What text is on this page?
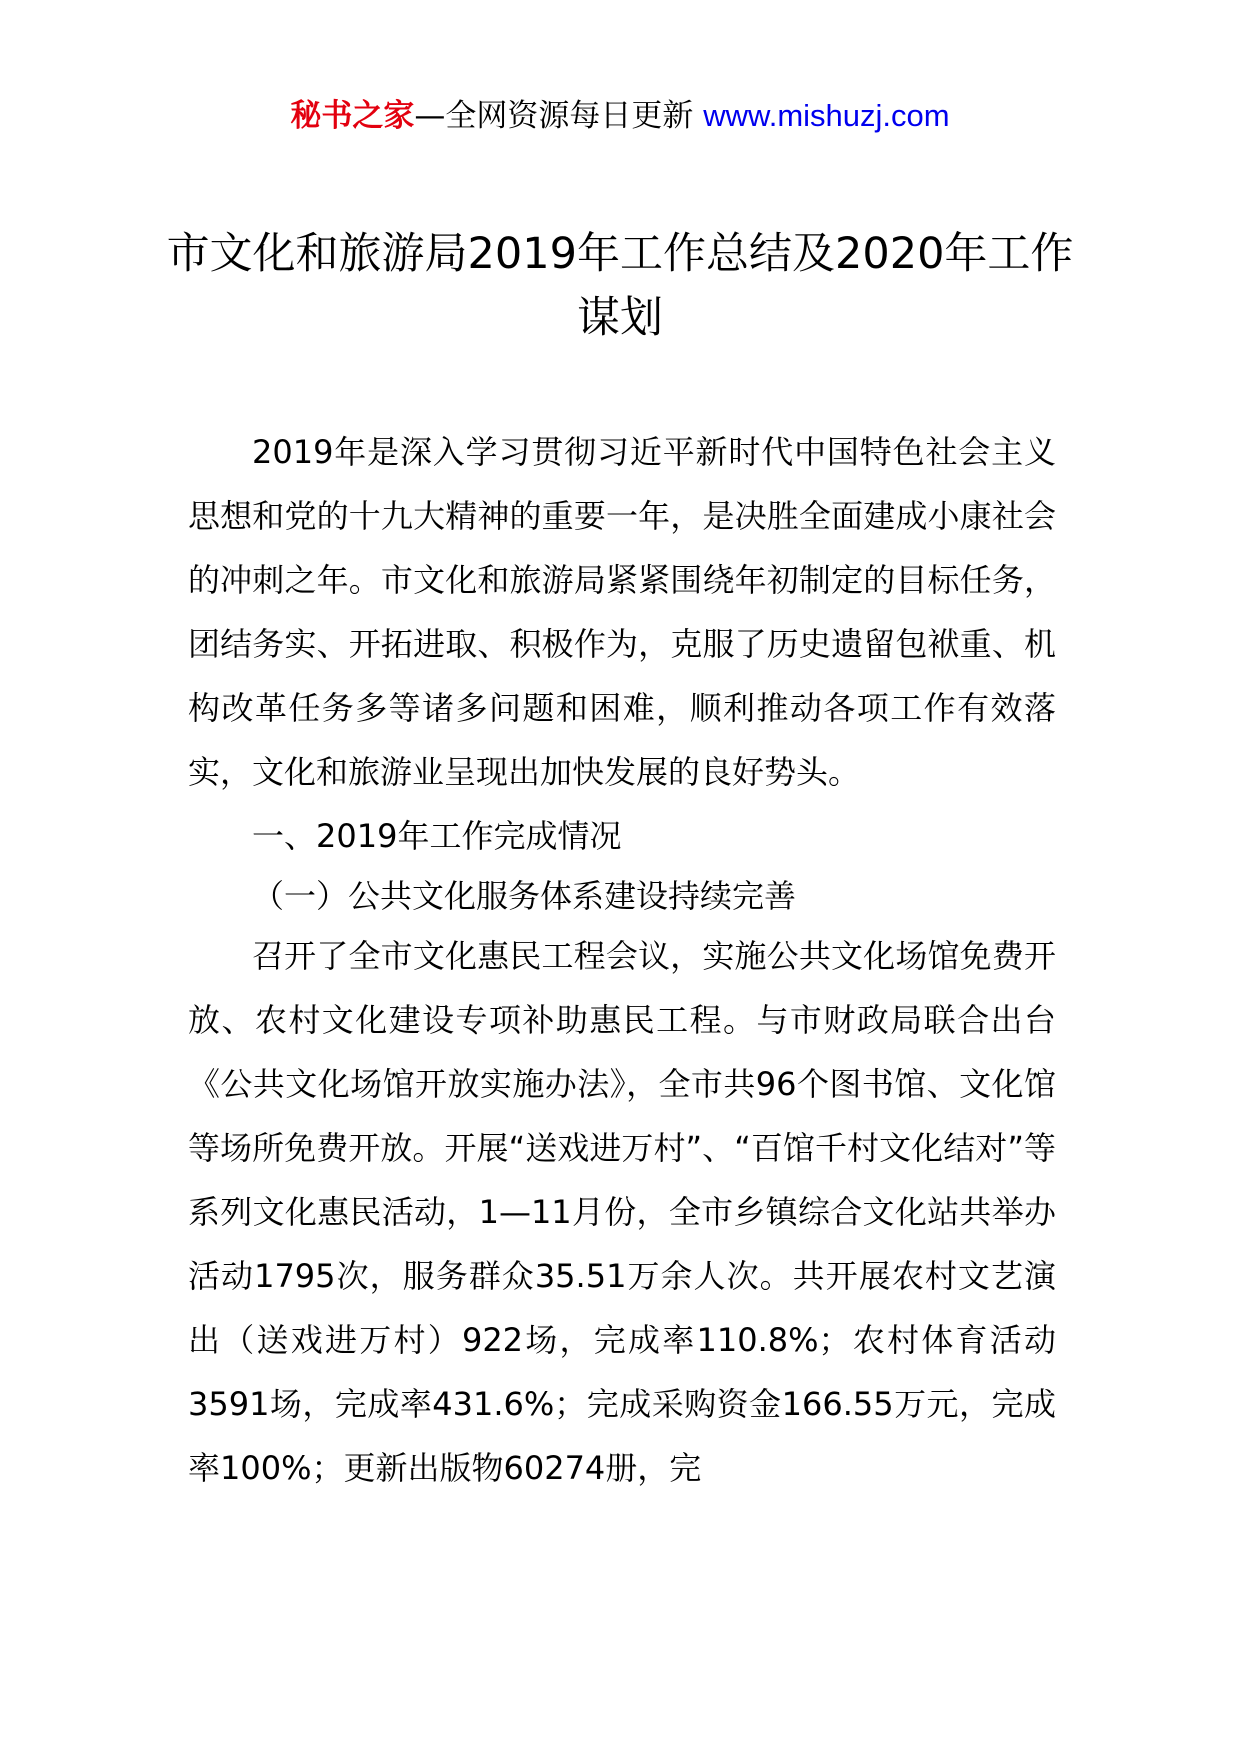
秘书之家—全网资源每日更新 www.mishuzj.com
市文化和旅游局2019年工作总结及2020年工作谋划

2019年是深入学习贯彻习近平新时代中国特色社会主义思想和党的十九大精神的重要一年，是决胜全面建成小康社会的冲刺之年。市文化和旅游局紧紧围绕年初制定的目标任务，团结务实、开拓进取、积极作为，克服了历史遗留包袱重、机构改革任务多等诸多问题和困难，顺利推动各项工作有效落实，文化和旅游业呈现出加快发展的良好势头。

一、2019年工作完成情况

（一）公共文化服务体系建设持续完善

召开了全市文化惠民工程会议，实施公共文化场馆免费开放、农村文化建设专项补助惠民工程。与市财政局联合出台《公共文化场馆开放实施办法》，全市共96个图书馆、文化馆等场所免费开放。开展“送戏进万村”、“百馆千村文化结对”等系列文化惠民活动，1—11月份，全市乡镇综合文化站共举办活动1795次，服务群众35.51万余人次。共开展农村文艺演出（送戏进万村）922场，完成率110.8%；农村体育活动3591场，完成率431.6%；完成采购资金166.55万元，完成率100%；更新出版物60274册，完
